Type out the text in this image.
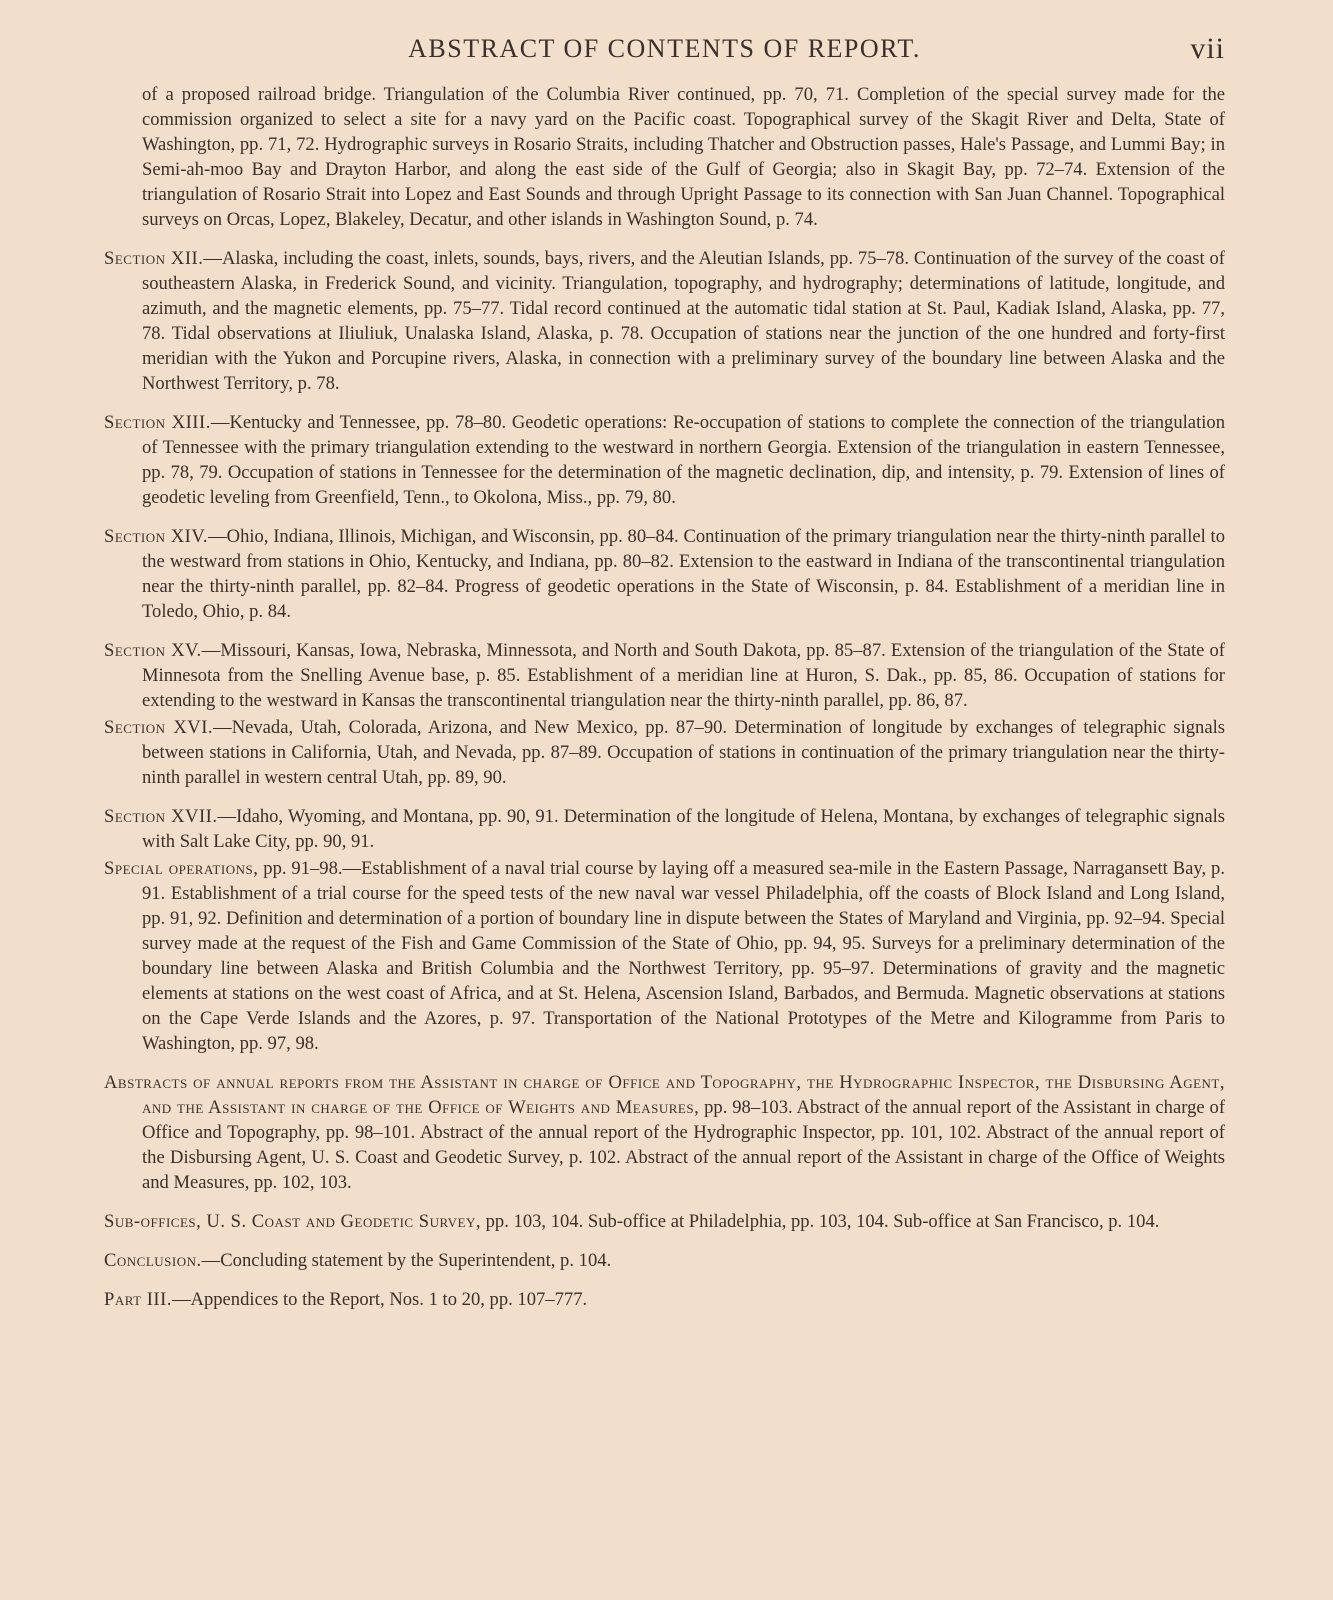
ABSTRACT OF CONTENTS OF REPORT.	vii

of a proposed railroad bridge. Triangulation of the Columbia River continued, pp. 70, 71. Completion of the special survey made for the commission organized to select a site for a navy yard on the Pacific coast. Topographical survey of the Skagit River and Delta, State of Washington, pp. 71, 72. Hydrographic surveys in Rosario Straits, including Thatcher and Obstruction passes, Hale's Passage, and Lummi Bay; in Semi-ah-moo Bay and Drayton Harbor, and along the east side of the Gulf of Georgia; also in Skagit Bay, pp. 72–74. Extension of the triangulation of Rosario Strait into Lopez and East Sounds and through Upright Passage to its connection with San Juan Channel. Topographical surveys on Orcas, Lopez, Blakeley, Decatur, and other islands in Washington Sound, p. 74.

Section XII.—Alaska, including the coast, inlets, sounds, bays, rivers, and the Aleutian Islands, pp. 75–78. Continuation of the survey of the coast of southeastern Alaska, in Frederick Sound, and vicinity. Triangulation, topography, and hydrography; determinations of latitude, longitude, and azimuth, and the magnetic elements, pp. 75–77. Tidal record continued at the automatic tidal station at St. Paul, Kadiak Island, Alaska, pp. 77, 78. Tidal observations at Iliuliuk, Unalaska Island, Alaska, p. 78. Occupation of stations near the junction of the one hundred and forty-first meridian with the Yukon and Porcupine rivers, Alaska, in connection with a preliminary survey of the boundary line between Alaska and the Northwest Territory, p. 78.

Section XIII.—Kentucky and Tennessee, pp. 78–80. Geodetic operations: Re-occupation of stations to complete the connection of the triangulation of Tennessee with the primary triangulation extending to the westward in northern Georgia. Extension of the triangulation in eastern Tennessee, pp. 78, 79. Occupation of stations in Tennessee for the determination of the magnetic declination, dip, and intensity, p. 79. Extension of lines of geodetic leveling from Greenfield, Tenn., to Okolona, Miss., pp. 79, 80.

Section XIV.—Ohio, Indiana, Illinois, Michigan, and Wisconsin, pp. 80–84. Continuation of the primary triangulation near the thirty-ninth parallel to the westward from stations in Ohio, Kentucky, and Indiana, pp. 80–82. Extension to the eastward in Indiana of the transcontinental triangulation near the thirty-ninth parallel, pp. 82–84. Progress of geodetic operations in the State of Wisconsin, p. 84. Establishment of a meridian line in Toledo, Ohio, p. 84.

Section XV.—Missouri, Kansas, Iowa, Nebraska, Minnessota, and North and South Dakota, pp. 85–87. Extension of the triangulation of the State of Minnesota from the Snelling Avenue base, p. 85. Establishment of a meridian line at Huron, S. Dak., pp. 85, 86. Occupation of stations for extending to the westward in Kansas the transcontinental triangulation near the thirty-ninth parallel, pp. 86, 87.

Section XVI.—Nevada, Utah, Colorada, Arizona, and New Mexico, pp. 87–90. Determination of longitude by exchanges of telegraphic signals between stations in California, Utah, and Nevada, pp. 87–89. Occupation of stations in continuation of the primary triangulation near the thirty-ninth parallel in western central Utah, pp. 89, 90.

Section XVII.—Idaho, Wyoming, and Montana, pp. 90, 91. Determination of the longitude of Helena, Montana, by exchanges of telegraphic signals with Salt Lake City, pp. 90, 91.

Special operations, pp. 91–98.—Establishment of a naval trial course by laying off a measured sea-mile in the Eastern Passage, Narragansett Bay, p. 91. Establishment of a trial course for the speed tests of the new naval war vessel Philadelphia, off the coasts of Block Island and Long Island, pp. 91, 92. Definition and determination of a portion of boundary line in dispute between the States of Maryland and Virginia, pp. 92–94. Special survey made at the request of the Fish and Game Commission of the State of Ohio, pp. 94, 95. Surveys for a preliminary determination of the boundary line between Alaska and British Columbia and the Northwest Territory, pp. 95–97. Determinations of gravity and the magnetic elements at stations on the west coast of Africa, and at St. Helena, Ascension Island, Barbados, and Bermuda. Magnetic observations at stations on the Cape Verde Islands and the Azores, p. 97. Transportation of the National Prototypes of the Metre and Kilogramme from Paris to Washington, pp. 97, 98.

Abstracts of annual reports from the Assistant in charge of Office and Topography, the Hydrographic Inspector, the Disbursing Agent, and the Assistant in charge of the Office of Weights and Measures, pp. 98–103. Abstract of the annual report of the Assistant in charge of Office and Topography, pp. 98–101. Abstract of the annual report of the Hydrographic Inspector, pp. 101, 102. Abstract of the annual report of the Disbursing Agent, U. S. Coast and Geodetic Survey, p. 102. Abstract of the annual report of the Assistant in charge of the Office of Weights and Measures, pp. 102, 103.

Sub-offices, U. S. Coast and Geodetic Survey, pp. 103, 104. Sub-office at Philadelphia, pp. 103, 104. Sub-office at San Francisco, p. 104.

Conclusion.—Concluding statement by the Superintendent, p. 104.

Part III.—Appendices to the Report, Nos. 1 to 20, pp. 107–777.
